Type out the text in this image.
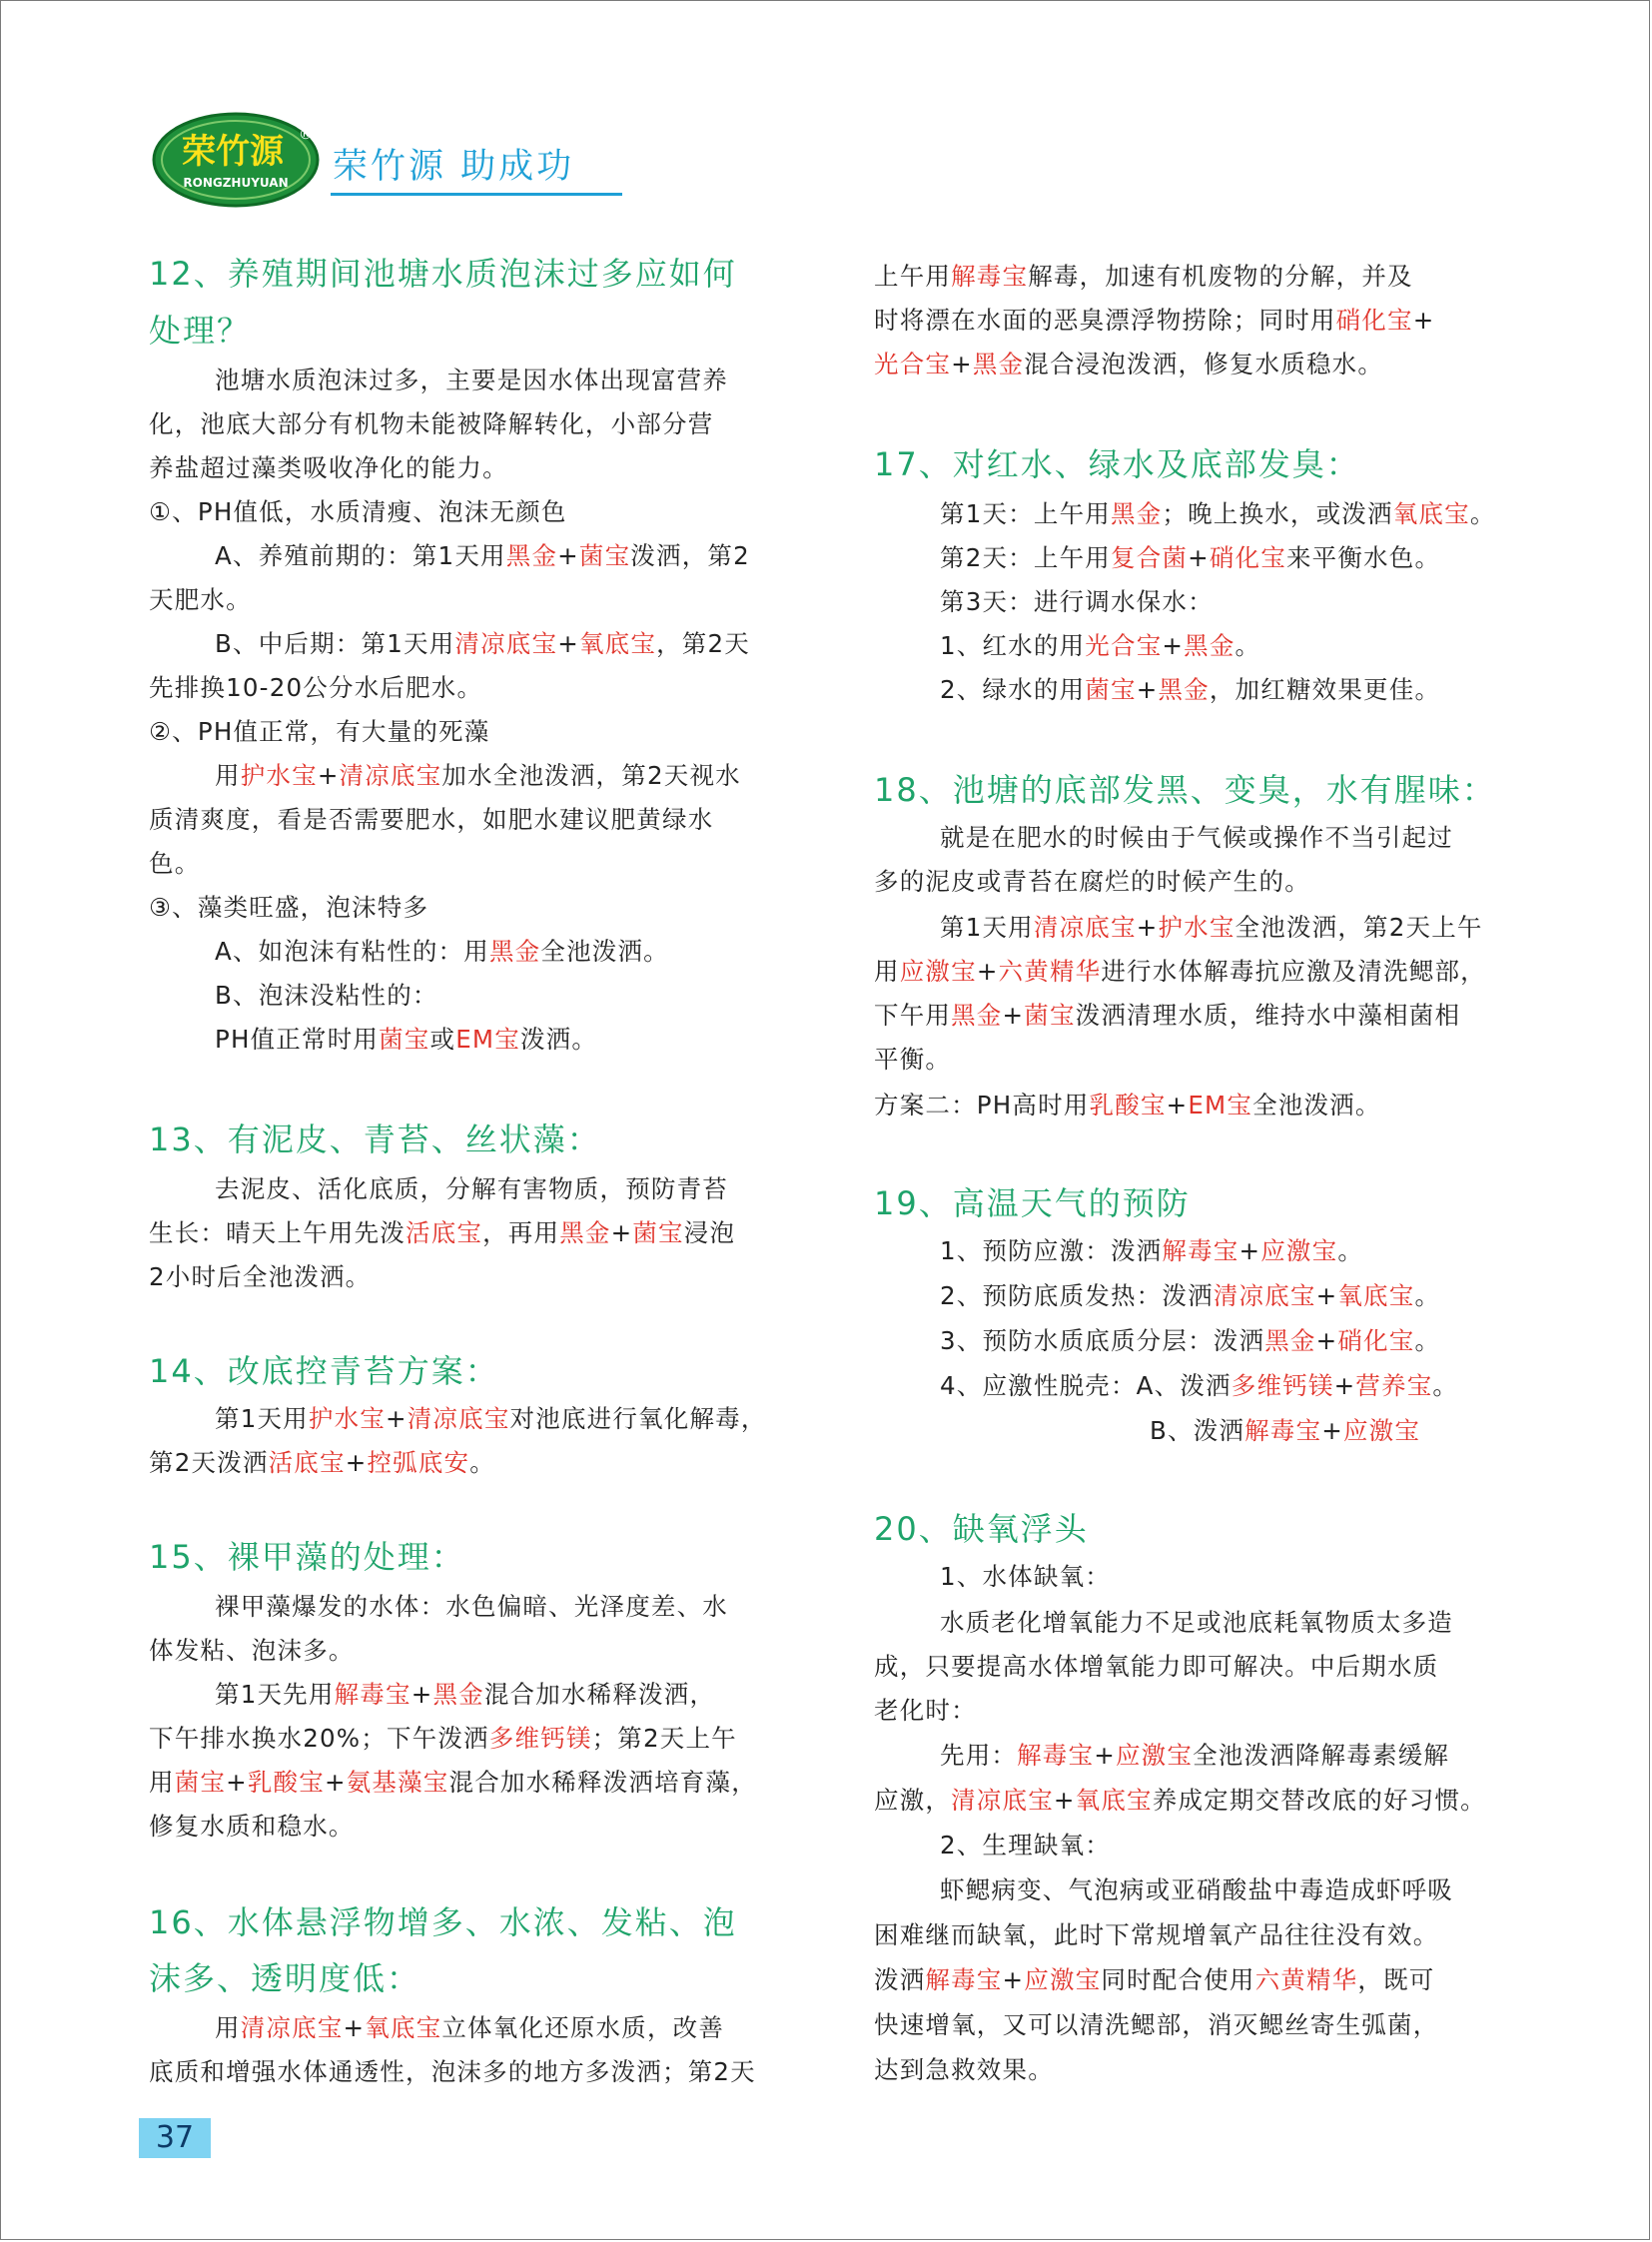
荣竹源 ®
RONGZHUYUAN 荣竹源 助成功
12、养殖期间池塘水质泡沫过多应如何
处理？
池塘水质泡沫过多，主要是因水体出现富营养
化，池底大部分有机物未能被降解转化，小部分营
养盐超过藻类吸收净化的能力。
①、PH值低，水质清瘦、泡沫无颜色
A、养殖前期的：第1天用黑金+菌宝泼洒，第2
天肥水。
B、中后期：第1天用清凉底宝+氧底宝，第2天
先排换10-20公分水后肥水。
②、PH值正常，有大量的死藻
用护水宝+清凉底宝加水全池泼洒，第2天视水
质清爽度，看是否需要肥水，如肥水建议肥黄绿水
色。
③、藻类旺盛，泡沫特多
A、如泡沫有粘性的：用黑金全池泼洒。
B、泡沫没粘性的：
PH值正常时用菌宝或EM宝泼洒。
13、有泥皮、青苔、丝状藻：
去泥皮、活化底质，分解有害物质，预防青苔
生长：晴天上午用先泼活底宝，再用黑金+菌宝浸泡
2小时后全池泼洒。
14、改底控青苔方案：
第1天用护水宝+清凉底宝对池底进行氧化解毒，
第2天泼洒活底宝+控弧底安。
15、裸甲藻的处理：
裸甲藻爆发的水体：水色偏暗、光泽度差、水
体发粘、泡沫多。
第1天先用解毒宝+黑金混合加水稀释泼洒，
下午排水换水20%；下午泼洒多维钙镁；第2天上午
用菌宝+乳酸宝+氨基藻宝混合加水稀释泼洒培育藻，
修复水质和稳水。
16、水体悬浮物增多、水浓、发粘、泡
沫多、透明度低：
用清凉底宝+氧底宝立体氧化还原水质，改善
底质和增强水体通透性，泡沫多的地方多泼洒；第2天
上午用解毒宝解毒，加速有机废物的分解，并及
时将漂在水面的恶臭漂浮物捞除；同时用硝化宝+
光合宝+黑金混合浸泡泼洒，修复水质稳水。
17、对红水、绿水及底部发臭：
第1天：上午用黑金；晚上换水，或泼洒氧底宝。
第2天：上午用复合菌+硝化宝来平衡水色。
第3天：进行调水保水：
1、红水的用光合宝+黑金。
2、绿水的用菌宝+黑金，加红糖效果更佳。
18、池塘的底部发黑、变臭，水有腥味：
就是在肥水的时候由于气候或操作不当引起过
多的泥皮或青苔在腐烂的时候产生的。
第1天用清凉底宝+护水宝全池泼洒，第2天上午
用应激宝+六黄精华进行水体解毒抗应激及清洗鳃部，
下午用黑金+菌宝泼洒清理水质，维持水中藻相菌相
平衡。
方案二：PH高时用乳酸宝+EM宝全池泼洒。
19、高温天气的预防
1、预防应激：泼洒解毒宝+应激宝。
2、预防底质发热：泼洒清凉底宝+氧底宝。
3、预防水质底质分层：泼洒黑金+硝化宝。
4、应激性脱壳：A、泼洒多维钙镁+营养宝。
B、泼洒解毒宝+应激宝
20、缺氧浮头
1、水体缺氧：
水质老化增氧能力不足或池底耗氧物质太多造
成，只要提高水体增氧能力即可解决。中后期水质
老化时：
先用：解毒宝+应激宝全池泼洒降解毒素缓解
应激，清凉底宝+氧底宝养成定期交替改底的好习惯。
2、生理缺氧：
虾鳃病变、气泡病或亚硝酸盐中毒造成虾呼吸
困难继而缺氧，此时下常规增氧产品往往没有效。
泼洒解毒宝+应激宝同时配合使用六黄精华，既可
快速增氧，又可以清洗鳃部，消灭鳃丝寄生弧菌，
达到急救效果。
37
